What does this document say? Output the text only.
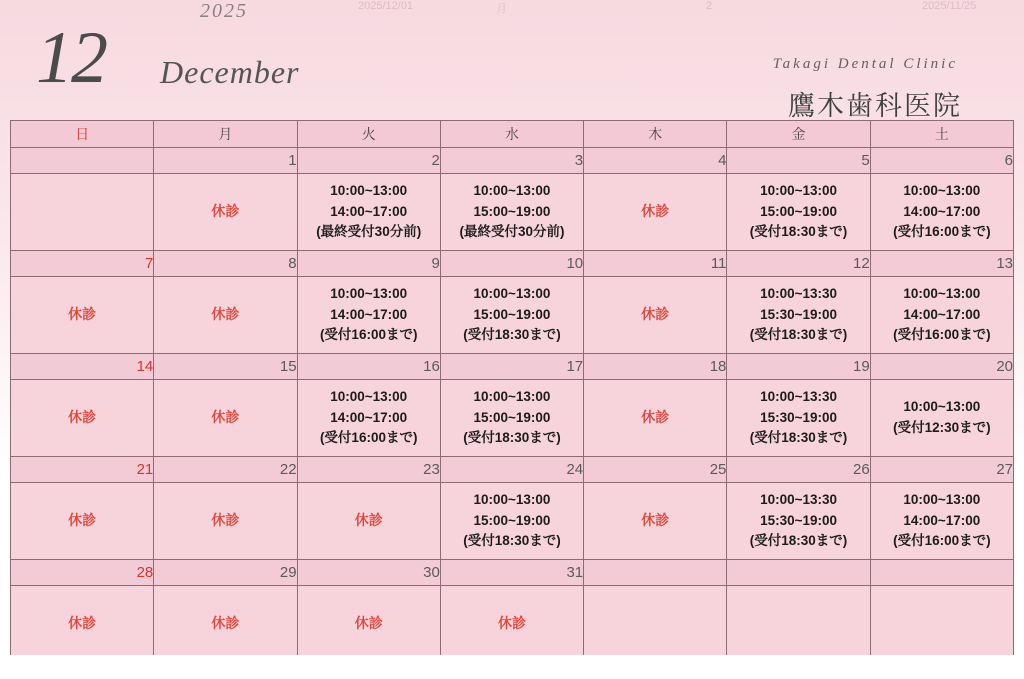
2025/12/01	月	2	2025/11/25
2025
12 December	Takagi Dental Clinic
鷹木歯科医院
日	月	火	水	木	金	土
	1	2	3	4	5	6

	休診	10:00~13:00
14:00~17:00
(最終受付30分前)	10:00~13:00
15:00~19:00
(最終受付30分前)	休診	10:00~13:00
15:00~19:00
(受付18:30まで)	10:00~13:00
14:00~17:00
(受付16:00まで)

7	8	9	10	11	12	13

休診	休診	10:00~13:00
14:00~17:00
(受付16:00まで)	10:00~13:00
15:00~19:00
(受付18:30まで)	休診	10:00~13:30
15:30~19:00
(受付18:30まで)	10:00~13:00
14:00~17:00
(受付16:00まで)

14	15	16	17	18	19	20

休診	休診	10:00~13:00
14:00~17:00
(受付16:00まで)	10:00~13:00
15:00~19:00
(受付18:30まで)	休診	10:00~13:30
15:30~19:00
(受付18:30まで)	10:00~13:00
(受付12:30まで)

21	22	23	24	25	26	27

休診	休診	休診	10:00~13:00
15:00~19:00
(受付18:30まで)	休診	10:00~13:30
15:30~19:00
(受付18:30まで)	10:00~13:00
14:00~17:00
(受付16:00まで)

28	29	30	31			

休診	休診	休診	休診			
